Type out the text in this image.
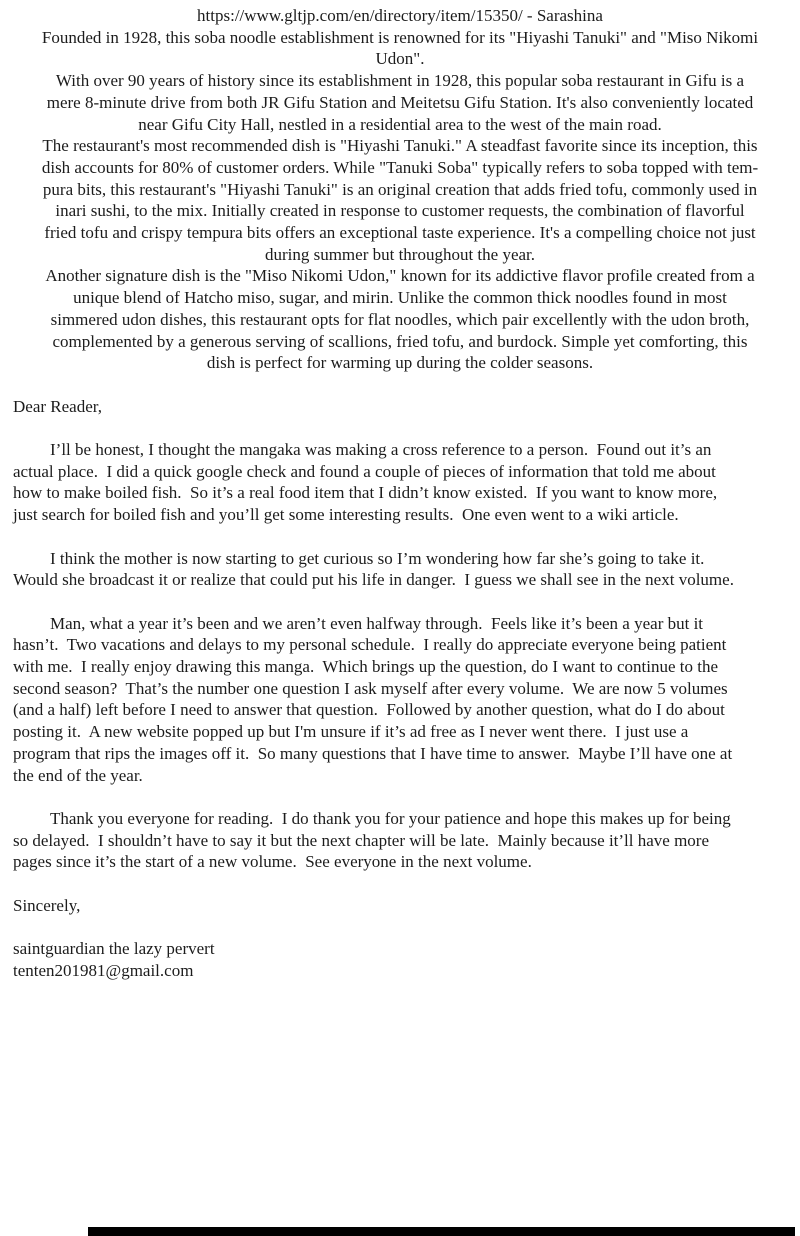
https://www.gltjp.com/en/directory/item/15350/ - Sarashina
Founded in 1928, this soba noodle establishment is renowned for its "Hiyashi Tanuki" and "Miso Nikomi
Udon".
With over 90 years of history since its establishment in 1928, this popular soba restaurant in Gifu is a
mere 8-minute drive from both JR Gifu Station and Meitetsu Gifu Station. It's also conveniently located
near Gifu City Hall, nestled in a residential area to the west of the main road.
The restaurant's most recommended dish is "Hiyashi Tanuki." A steadfast favorite since its inception, this
dish accounts for 80% of customer orders. While "Tanuki Soba" typically refers to soba topped with tem-
pura bits, this restaurant's "Hiyashi Tanuki" is an original creation that adds fried tofu, commonly used in
inari sushi, to the mix. Initially created in response to customer requests, the combination of flavorful
fried tofu and crispy tempura bits offers an exceptional taste experience. It's a compelling choice not just
during summer but throughout the year.
Another signature dish is the "Miso Nikomi Udon," known for its addictive flavor profile created from a
unique blend of Hatcho miso, sugar, and mirin. Unlike the common thick noodles found in most
simmered udon dishes, this restaurant opts for flat noodles, which pair excellently with the udon broth,
complemented by a generous serving of scallions, fried tofu, and burdock. Simple yet comforting, this
dish is perfect for warming up during the colder seasons.
Dear Reader,
I’ll be honest, I thought the mangaka was making a cross reference to a person.  Found out it’s an
actual place.  I did a quick google check and found a couple of pieces of information that told me about
how to make boiled fish.  So it’s a real food item that I didn’t know existed.  If you want to know more,
just search for boiled fish and you’ll get some interesting results.  One even went to a wiki article.
I think the mother is now starting to get curious so I’m wondering how far she’s going to take it.
Would she broadcast it or realize that could put his life in danger.  I guess we shall see in the next volume.
Man, what a year it’s been and we aren’t even halfway through.  Feels like it’s been a year but it
hasn’t.  Two vacations and delays to my personal schedule.  I really do appreciate everyone being patient
with me.  I really enjoy drawing this manga.  Which brings up the question, do I want to continue to the
second season?  That’s the number one question I ask myself after every volume.  We are now 5 volumes
(and a half) left before I need to answer that question.  Followed by another question, what do I do about
posting it.  A new website popped up but I'm unsure if it’s ad free as I never went there.  I just use a
program that rips the images off it.  So many questions that I have time to answer.  Maybe I’ll have one at
the end of the year.
Thank you everyone for reading.  I do thank you for your patience and hope this makes up for being
so delayed.  I shouldn’t have to say it but the next chapter will be late.  Mainly because it’ll have more
pages since it’s the start of a new volume.  See everyone in the next volume.
Sincerely,
saintguardian the lazy pervert
tenten201981@gmail.com
